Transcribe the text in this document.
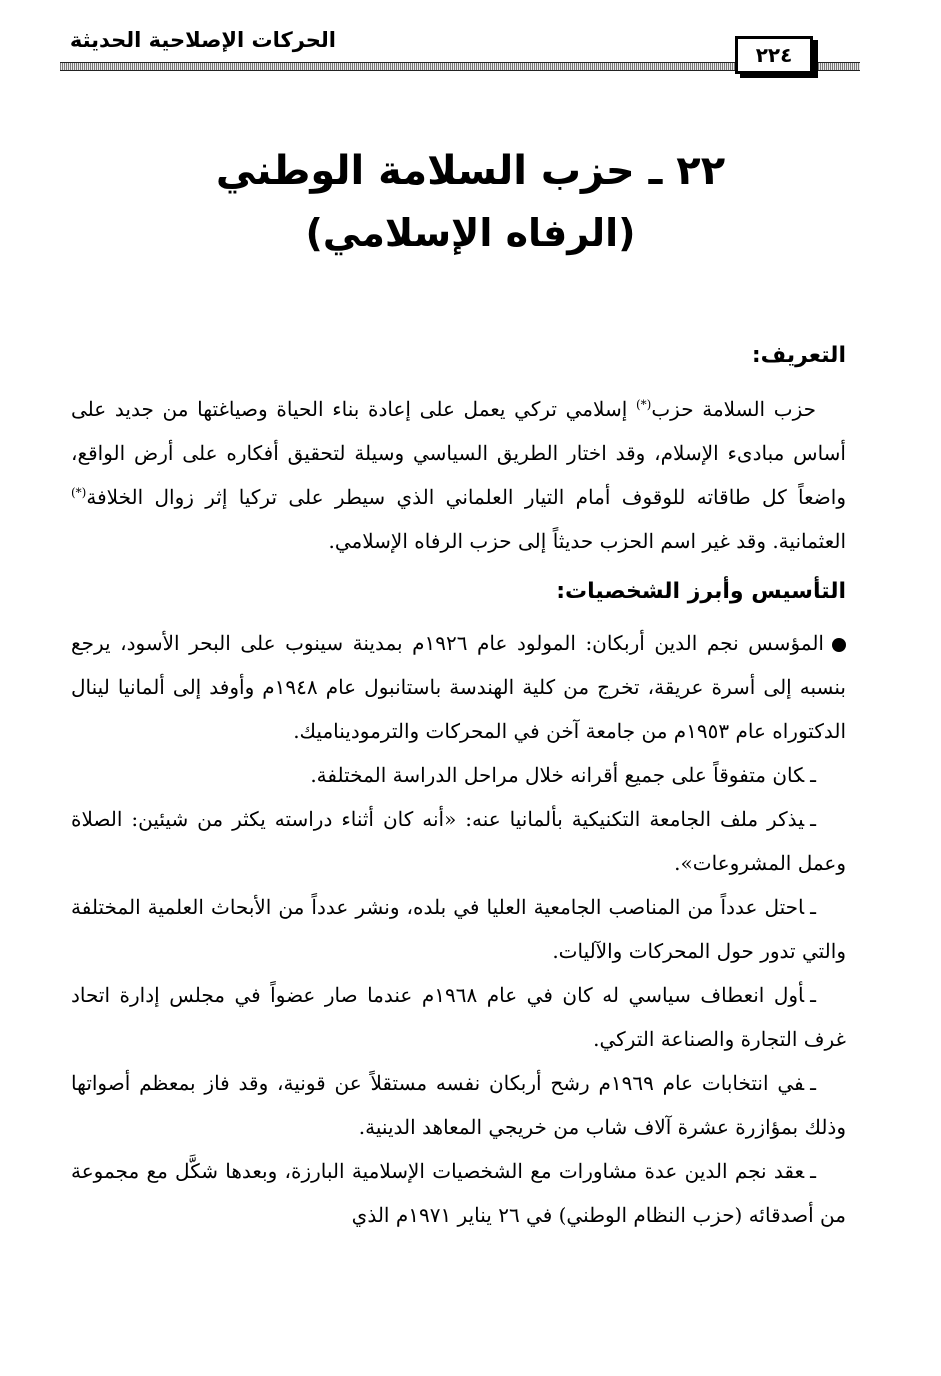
الحركات الإصلاحية الحديثة
٢٢٤
٢٢ ـ حزب السلامة الوطني
(الرفاه الإسلامي)
التعريف:

حزب السلامة حزب(*) إسلامي تركي يعمل على إعادة بناء الحياة وصياغتها من جديد على أساس مبادىء الإسلام، وقد اختار الطريق السياسي وسيلة لتحقيق أفكاره على أرض الواقع، واضعاً كل طاقاته للوقوف أمام التيار العلماني الذي سيطر على تركيا إثر زوال الخلافة(*) العثمانية. وقد غير اسم الحزب حديثاً إلى حزب الرفاه الإسلامي.

التأسيس وأبرز الشخصيات:

المؤسس نجم الدين أربكان: المولود عام ١٩٢٦م بمدينة سينوب على البحر الأسود، يرجع بنسبه إلى أسرة عريقة، تخرج من كلية الهندسة باستانبول عام ١٩٤٨م وأوفد إلى ألمانيا لينال الدكتوراه عام ١٩٥٣م من جامعة آخن في المحركات والترموديناميك.

ـكان متفوقاً على جميع أقرانه خلال مراحل الدراسة المختلفة.

ـيذكر ملف الجامعة التكنيكية بألمانيا عنه: «أنه كان أثناء دراسته يكثر من شيئين: الصلاة وعمل المشروعات».

ـاحتل عدداً من المناصب الجامعية العليا في بلده، ونشر عدداً من الأبحاث العلمية المختلفة والتي تدور حول المحركات والآليات.

ـأول انعطاف سياسي له كان في عام ١٩٦٨م عندما صار عضواً في مجلس إدارة اتحاد غرف التجارة والصناعة التركي.

ـفي انتخابات عام ١٩٦٩م رشح أربكان نفسه مستقلاً عن قونية، وقد فاز بمعظم أصواتها وذلك بمؤازرة عشرة آلاف شاب من خريجي المعاهد الدينية.

ـعقد نجم الدين عدة مشاورات مع الشخصيات الإسلامية البارزة، وبعدها شكَّل مع مجموعة من أصدقائه (حزب النظام الوطني) في ٢٦ يناير ١٩٧١م الذي
